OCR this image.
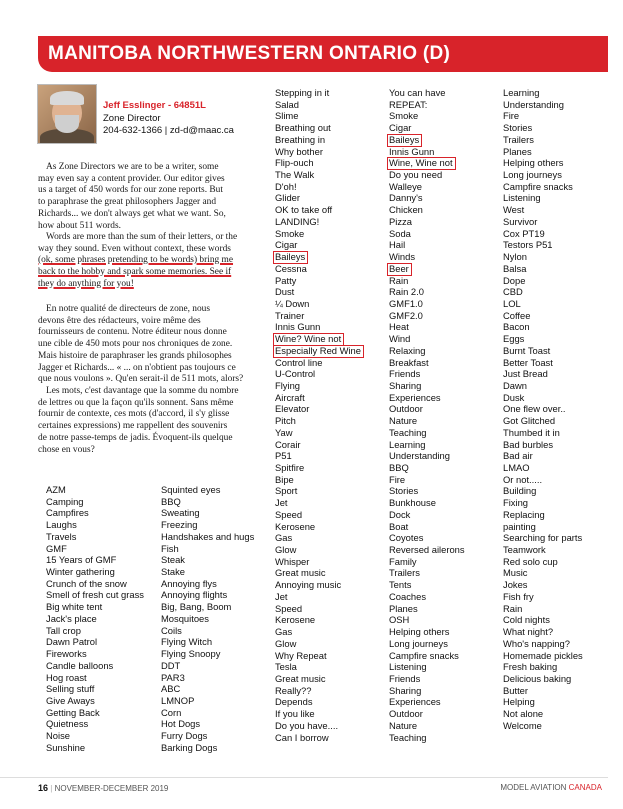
MANITOBA NORTHWESTERN ONTARIO (D)
Jeff Esslinger - 64851L
Zone Director
204-632-1366 | zd-d@maac.ca
As Zone Directors we are to be a writer, some
may even say a content provider. Our editor gives
us a target of 450 words for our zone reports. But
to paraphrase the great philosophers Jagger and
Richards... we don't always get what we want. So,
how about 511 words.
Words are more than the sum of their letters, or the
way they sound. Even without context, these words
(ok, some phrases pretending to be words) bring me
back to the hobby and spark some memories. See if
they do anything for you!
En notre qualité de directeurs de zone, nous
devons être des rédacteurs, voire même des
fournisseurs de contenu. Notre éditeur nous donne
une cible de 450 mots pour nos chroniques de zone.
Mais histoire de paraphraser les grands philosophes
Jagger et Richards... « ... on n'obtient pas toujours ce
que nous voulons ». Qu'en serait-il de 511 mots, alors?
Les mots, c'est davantage que la somme du nombre
de lettres ou que la façon qu'ils sonnent. Sans même
fournir de contexte, ces mots (d'accord, il s'y glisse
certaines expressions) me rappellent des souvenirs
de notre passe-temps de jadis. Évoquent-ils quelque
chose en vous?
AZM
Camping
Campfires
Laughs
Travels
GMF
15 Years of GMF
Winter gathering
Crunch of the snow
Smell of fresh cut grass
Big white tent
Jack's place
Tall crop
Dawn Patrol
Fireworks
Candle balloons
Hog roast
Selling stuff
Give Aways
Getting Back
Quietness
Noise
Sunshine
Squinted eyes
BBQ
Sweating
Freezing
Handshakes and hugs
Fish
Steak
Stake
Annoying flys
Annoying flights
Big, Bang, Boom
Mosquitoes
Coils
Flying Witch
Flying Snoopy
DDT
PAR3
ABC
LMNOP
Corn
Hot Dogs
Furry Dogs
Barking Dogs
Stepping in it
Salad
Slime
Breathing out
Breathing in
Why bother
Flip-ouch
The Walk
D'oh!
Glider
OK to take off
LANDING!
Smoke
Cigar
Baileys
Cessna
Patty
Dust
¼ Down
Trainer
Innis Gunn
Wine? Wine not
Especially Red Wine
Control line
U-Control
Flying
Aircraft
Elevator
Pitch
Yaw
Corair
P51
Spitfire
Bipe
Sport
Jet
Speed
Kerosene
Gas
Glow
Whisper
Great music
Annoying music
Jet
Speed
Kerosene
Gas
Glow
Why Repeat
Tesla
Great music
Really??
Depends
If you like
Do you have....
Can I borrow
You can have
REPEAT:
Smoke
Cigar
Baileys
Innis Gunn
Wine, Wine not
Do you need
Walleye
Danny's
Chicken
Pizza
Soda
Hail
Winds
Beer
Rain
Rain 2.0
GMF1.0
GMF2.0
Heat
Wind
Relaxing
Breakfast
Friends
Sharing
Experiences
Outdoor
Nature
Teaching
Learning
Understanding
BBQ
Fire
Stories
Bunkhouse
Dock
Boat
Coyotes
Reversed ailerons
Family
Trailers
Tents
Coaches
Planes
OSH
Helping others
Long journeys
Campfire snacks
Listening
Friends
Sharing
Experiences
Outdoor
Nature
Teaching
Learning
Understanding
Fire
Stories
Trailers
Planes
Helping others
Long journeys
Campfire snacks
Listening
West
Survivor
Cox PT19
Testors P51
Nylon
Balsa
Dope
CBD
LOL
Coffee
Bacon
Eggs
Burnt Toast
Better Toast
Just Bread
Dawn
Dusk
One flew over..
Got Glitched
Thumbed it in
Bad burbles
Bad air
LMAO
Or not.....
Building
Fixing
Replacing
painting
Searching for parts
Teamwork
Red solo cup
Music
Jokes
Fish fry
Rain
Cold nights
What night?
Who's napping?
Homemade pickles
Fresh baking
Delicious baking
Butter
Helping
Not alone
Welcome
16 | NOVEMBER-DECEMBER 2019	MODEL AVIATION CANADA
